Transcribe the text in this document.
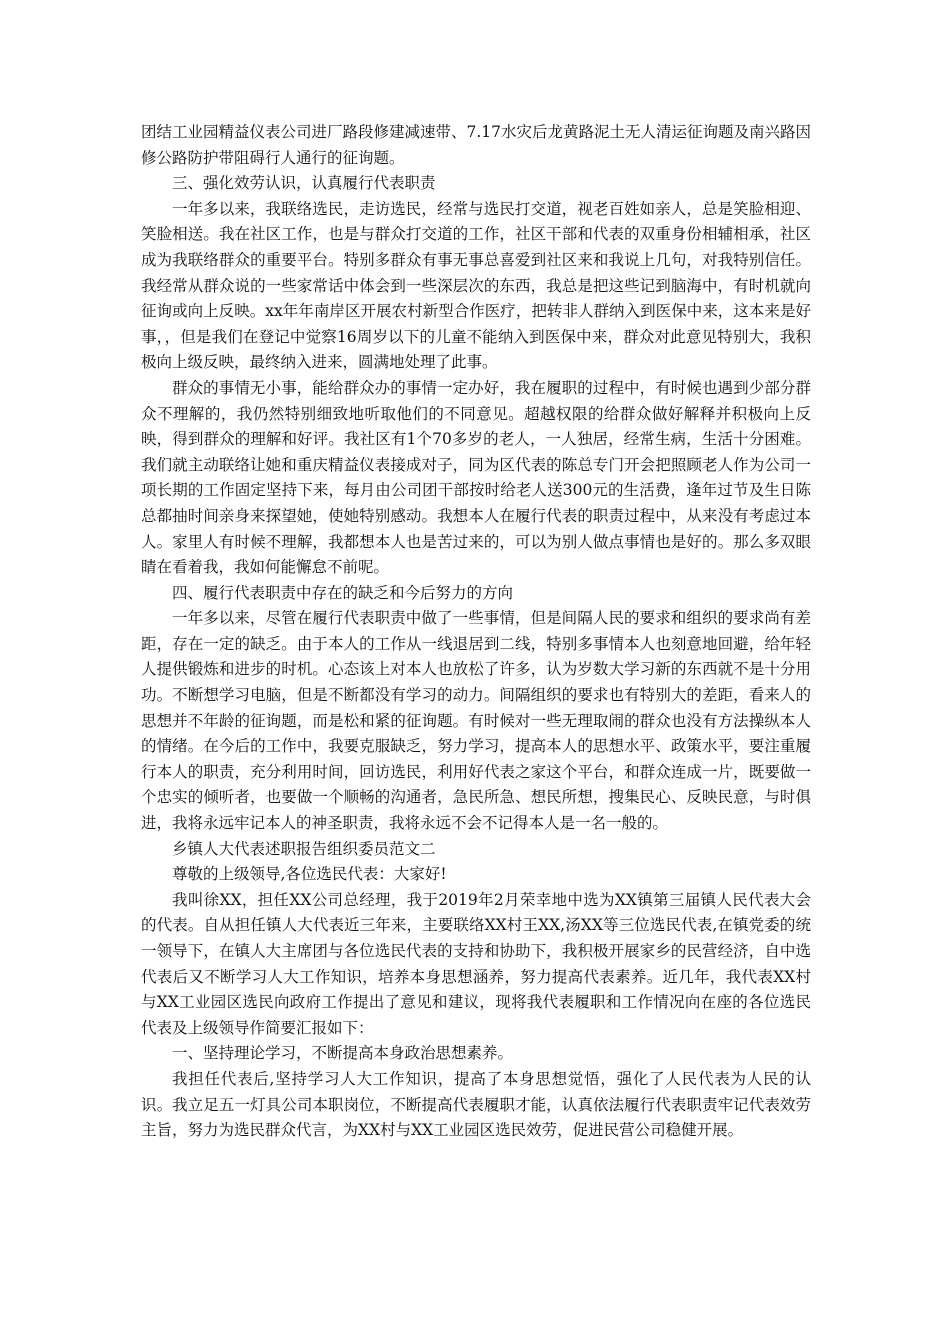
团结工业园精益仪表公司进厂路段修建减速带、7.17水灾后龙黄路泥土无人清运征询题及南兴路因修公路防护带阻碍行人通行的征询题。

三、强化效劳认识，认真履行代表职责

一年多以来，我联络选民，走访选民，经常与选民打交道，视老百姓如亲人，总是笑脸相迎、笑脸相送。我在社区工作，也是与群众打交道的工作，社区干部和代表的双重身份相辅相承，社区成为我联络群众的重要平台。特别多群众有事无事总喜爱到社区来和我说上几句，对我特别信任。我经常从群众说的一些家常话中体会到一些深层次的东西，我总是把这些记到脑海中，有时机就向征询或向上反映。xx年年南岸区开展农村新型合作医疗，把转非人群纳入到医保中来，这本来是好事，，但是我们在登记中觉察16周岁以下的儿童不能纳入到医保中来，群众对此意见特别大，我积极向上级反映，最终纳入进来，圆满地处理了此事。

群众的事情无小事，能给群众办的事情一定办好，我在履职的过程中，有时候也遇到少部分群众不理解的，我仍然特别细致地听取他们的不同意见。超越权限的给群众做好解释并积极向上反映，得到群众的理解和好评。我社区有1个70多岁的老人，一人独居，经常生病，生活十分困难。我们就主动联络让她和重庆精益仪表接成对子，同为区代表的陈总专门开会把照顾老人作为公司一项长期的工作固定坚持下来，每月由公司团干部按时给老人送300元的生活费，逢年过节及生日陈总都抽时间亲身来探望她，使她特别感动。我想本人在履行代表的职责过程中，从来没有考虑过本人。家里人有时候不理解，我都想本人也是苦过来的，可以为别人做点事情也是好的。那么多双眼睛在看着我，我如何能懈怠不前呢。

四、履行代表职责中存在的缺乏和今后努力的方向

一年多以来，尽管在履行代表职责中做了一些事情，但是间隔人民的要求和组织的要求尚有差距，存在一定的缺乏。由于本人的工作从一线退居到二线，特别多事情本人也刻意地回避，给年轻人提供锻炼和进步的时机。心态该上对本人也放松了许多，认为岁数大学习新的东西就不是十分用功。不断想学习电脑，但是不断都没有学习的动力。间隔组织的要求也有特别大的差距，看来人的思想并不年龄的征询题，而是松和紧的征询题。有时候对一些无理取闹的群众也没有方法操纵本人的情绪。在今后的工作中，我要克服缺乏，努力学习，提高本人的思想水平、政策水平，要注重履行本人的职责，充分利用时间，回访选民，利用好代表之家这个平台，和群众连成一片，既要做一个忠实的倾听者，也要做一个顺畅的沟通者，急民所急、想民所想，搜集民心、反映民意，与时俱进，我将永远牢记本人的神圣职责，我将永远不会不记得本人是一名一般的。

乡镇人大代表述职报告组织委员范文二

尊敬的上级领导,各位选民代表：大家好!

我叫徐XX，担任XX公司总经理，我于2019年2月荣幸地中选为XX镇第三届镇人民代表大会的代表。自从担任镇人大代表近三年来，主要联络XX村王XX,汤XX等三位选民代表,在镇党委的统一领导下，在镇人大主席团与各位选民代表的支持和协助下，我积极开展家乡的民营经济，自中选代表后又不断学习人大工作知识，培养本身思想涵养，努力提高代表素养。近几年，我代表XX村与XX工业园区选民向政府工作提出了意见和建议，现将我代表履职和工作情况向在座的各位选民代表及上级领导作简要汇报如下：

一、坚持理论学习，不断提高本身政治思想素养。

我担任代表后,坚持学习人大工作知识，提高了本身思想觉悟，强化了人民代表为人民的认识。我立足五一灯具公司本职岗位，不断提高代表履职才能，认真依法履行代表职责牢记代表效劳主旨，努力为选民群众代言，为XX村与XX工业园区选民效劳，促进民营公司稳健开展。
